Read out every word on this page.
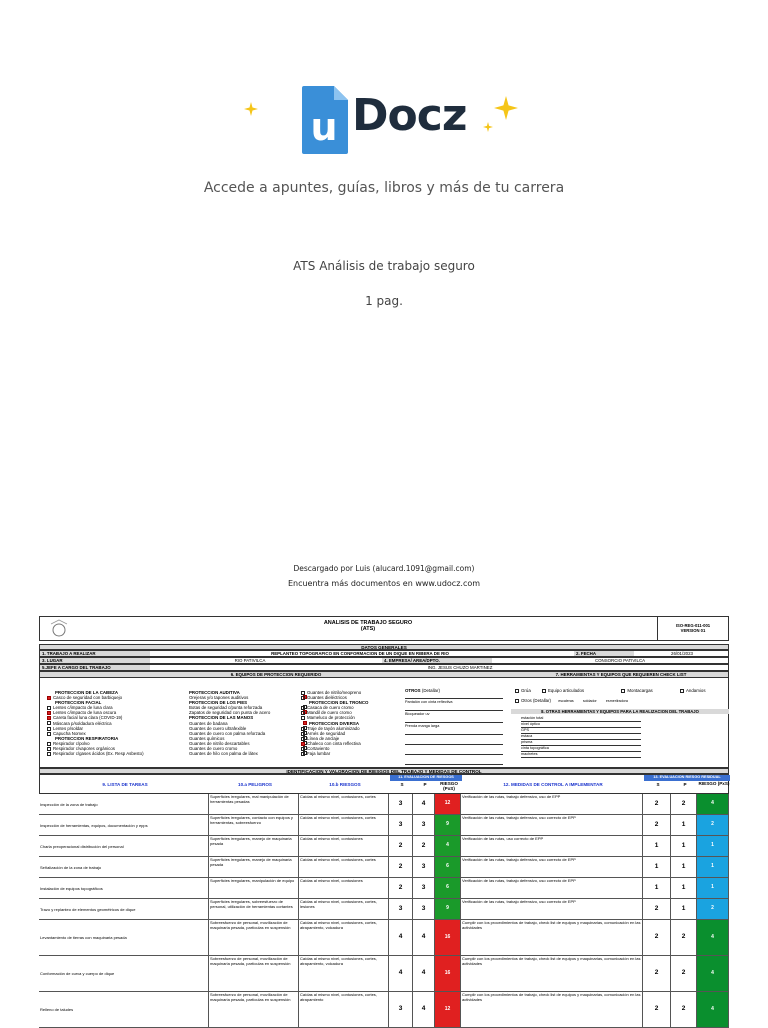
u Docz
Accede a apuntes, guías, libros y más de tu carrera
ATS Análisis de trabajo seguro
1 pag.
Descargado por Luis (alucard.1091@gmail.com)
Encuentra más documentos en www.udocz.com
ANALISIS DE TRABAJO SEGURO
(ATS)
ISO-REG-011-001
VERSION 01
DATOS GENERALES
1. TRABAJO A REALIZAR	REPLANTEO TOPOGRAFICO EN CONFORMACION DE UN DIQUE EN RIBERA DE RIO	2. FECHA	26/01/2023
3. LUGAR	RIO PATIVILCA	4. EMPRESA/ AREA/DPTO.	CONSORCIO PATIVILCA
5.JEFE A CARGO DEL TRABAJO	ING. JESUS CHUZO MARTINEZ
6. EQUIPOS DE PROTECCION REQUERIDO	7. HERRAMIENTAS Y EQUIPOS QUE REQUIEREN CHECK LIST
PROTECCION DE LA CABEZA
Casco de seguridad con barbiquejo
PROTECCION FACIAL
Lentes c/impacto de luna clara
Lentes c/impacto de luna oscura
Careta facial luna clara (COVID-19)
Máscara p/soldadura eléctrica
Lentes p/soldar
Capucha Nomex
PROTECCION RESPIRATORIA
Respirador c/polvo
Respirador c/vapores orgánicos
Respirador c/gases ácidos (Ex. Resp Asbesto)
PROTECCION AUDITIVA
Orejeras y/o tapones auditivos
PROTECCION DE LOS PIES
Botas de seguridad c/punta reforzada
Zapatos de seguridad con punta de acero
PROTECCION DE LAS MANOS
Guantes de badana
Guantes de cuero ultrafexible
Guantes de cuero con palma reforzada
Guantes químicos
Guantes de nitrilo descartables
Guantes de cuero cromo
Guantes de hilo con palma de látex
Guantes de nitrilo/neopreno
Guantes dieléctricos
PROTECCION DEL TRONCO
Casaca de cuero cromo
Mandil de cuero cromo
Mameluco de protección
PROTECCION DIVERSA
Traje de tayón aluminizado
Arnés de seguridad
Línea de anclaje
Chaleco con cinta reflectiva
Cortaviento
Faja lumbar
OTROS (Detallar)
Pantalón con cinta reflectiva
Bloqueador uv
Prenda manga larga
Grúa	Equipo articulados	Montacargas	Andamios
Otros (Detallar) escaleras	soldador	esmerilradora
8. OTRAS HERRAMIENTAS Y EQUIPOS PARA LA REALIZACION DEL TRABAJO
estación total
nivel óptico
GPS
estaca
prisma
cinta topográfica
machetes
IDENTIFICACION Y VALORACION DE RIESGOS DEL TRABAJO Y MEDIDAS DE CONTROL
9. LISTA DE TAREAS	10.a PELIGROS	10.b RIESGOS
11. EVALUACION DE RIESGOS
S	P	RIESGO (PxS)
12. MEDIDAS DE CONTROL A IMPLEMENTAR
13. EVALUACION RIESGO RESIDUAL
S	P	RIESGO (PxS)
Inspección de la zona de trabajo
Superficies irregulares, mal manipulación de herramientas pesadas
Caídas al mismo nivel, contusiones, cortes
3	4	12
Verificación de las rutas, trabajo defensivo, uso de EPP
2	2	4
Inspección de herramientas, equipos, documentación y epps
Superficies irregulares, contacto con equipos y herramientas, sobreesfuerzo
Caídas al mismo nivel, contusiones, cortes
3	3	9
Verificación de las rutas, trabajo defensivo, uso correcto de EPP
2	1	2
Charla preoperacional distribución del personal
Superficies irregulares, manejo de maquinaria pesada
Caídas al mismo nivel, contusiones
2	2	4
Verificación de las rutas, uso correcto de EPP
1	1	1
Señalización de la zona de trabajo
Superficies irregulares, manejo de maquinaria pesada
Caídas al mismo nivel, contusiones, cortes
2	3	6
Verificación de las rutas, trabajo defensivo, uso correcto de EPP
1	1	1
Instalación de equipos topográficos
Superficies irregulares, manipulación de equipo	Caídas al mismo nivel, contusiones
2	3	6
Verificación de las rutas, trabajo defensivo, uso correcto de EPP
1	1	1
Trazo y replanteo de elementos geométricos de dique
Superficies irregulares, sobreesfuerzo de personal, utilización de herramientas cortantes
Caídas al mismo nivel, contusiones, cortes, lesiones	3	3	9
Verificación de las rutas, trabajo defensivo, uso correcto de EPP
2	1	2
Levantamiento de tierras con maquinaria pesada
Sobreesfuerzo de personal, movilización de maquinaria pesada, partículas en suspensión
Caídas al mismo nivel, contusiones, cortes, atrapamiento, volcadura
4	4	16
Cumplir con los procedimientos de trabajo, check list de equipos y maquinarias, comunicación en las actividades
2	2	4
Conformación de curva y cuerpo de dique
Sobreesfuerzo de personal, movilización de maquinaria pesada, partículas en suspensión
Caídas al mismo nivel, contusiones, cortes, atrapamiento, volcadura
4	4	16
Cumplir con los procedimientos de trabajo, check list de equipos y maquinarias, comunicación en las actividades
2	2	4
Relleno de taludes
Sobreesfuerzo de personal, movilización de maquinaria pesada, partículas en suspensión
Caídas al mismo nivel, contusiones, cortes, atrapamiento
3	4	12
Cumplir con los procedimientos de trabajo, check list de equipos y maquinarias, comunicación en las actividades
2	2	4
